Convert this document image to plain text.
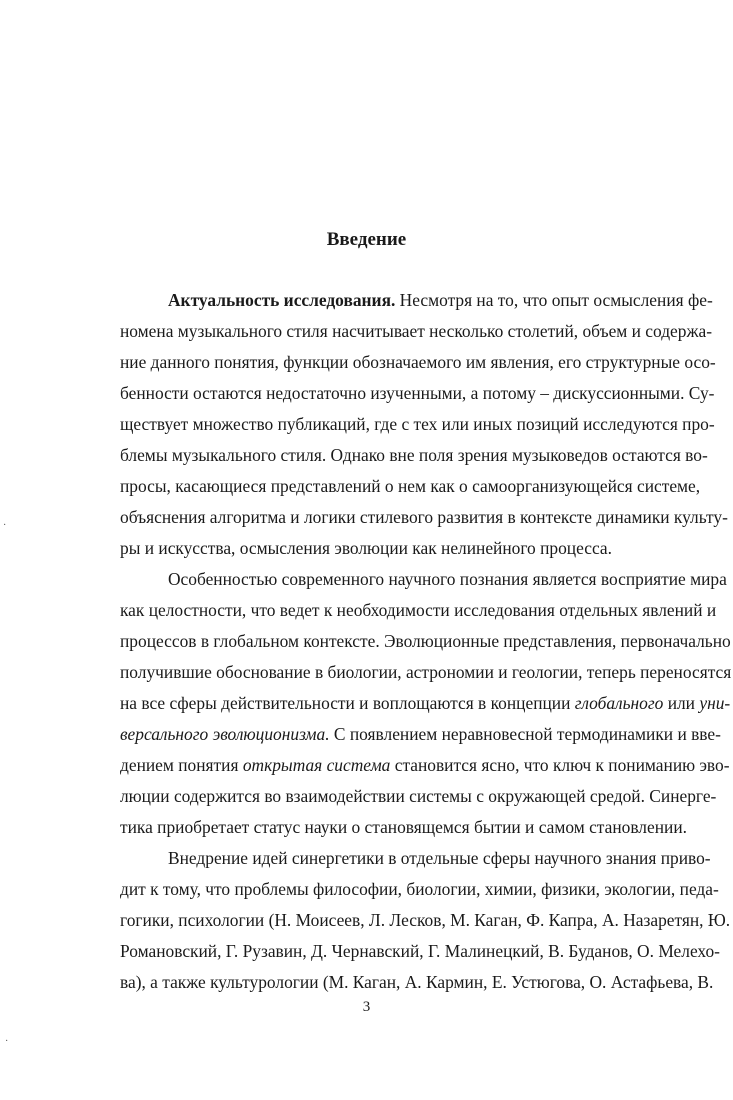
Введение
Актуальность исследования. Несмотря на то, что опыт осмысления фе-
номена музыкального стиля насчитывает несколько столетий, объем и содержа-
ние данного понятия, функции обозначаемого им явления, его структурные осо-
бенности остаются недостаточно изученными, а потому – дискуссионными. Су-
ществует множество публикаций, где с тех или иных позиций исследуются про-
блемы музыкального стиля. Однако вне поля зрения музыковедов остаются во-
просы, касающиеся представлений о нем как о самоорганизующейся системе,
объяснения алгоритма и логики стилевого развития в контексте динамики культу-
ры и искусства, осмысления эволюции как нелинейного процесса.
Особенностью современного научного познания является восприятие мира
как целостности, что ведет к необходимости исследования отдельных явлений и
процессов в глобальном контексте. Эволюционные представления, первоначально
получившие обоснование в биологии, астрономии и геологии, теперь переносятся
на все сферы действительности и воплощаются в концепции глобального или уни-
версального эволюционизма. С появлением неравновесной термодинамики и вве-
дением понятия открытая система становится ясно, что ключ к пониманию эво-
люции содержится во взаимодействии системы с окружающей средой. Синерге-
тика приобретает статус науки о становящемся бытии и самом становлении.
Внедрение идей синергетики в отдельные сферы научного знания приво-
дит к тому, что проблемы философии, биологии, химии, физики, экологии, педа-
гогики, психологии (Н. Моисеев, Л. Лесков, М. Каган, Ф. Капра, А. Назаретян, Ю.
Романовский, Г. Рузавин, Д. Чернавский, Г. Малинецкий, В. Буданов, О. Мелехо-
ва), а также культурологии (М. Каган, А. Кармин, Е. Устюгова, О. Астафьева, В.
3
·
·
